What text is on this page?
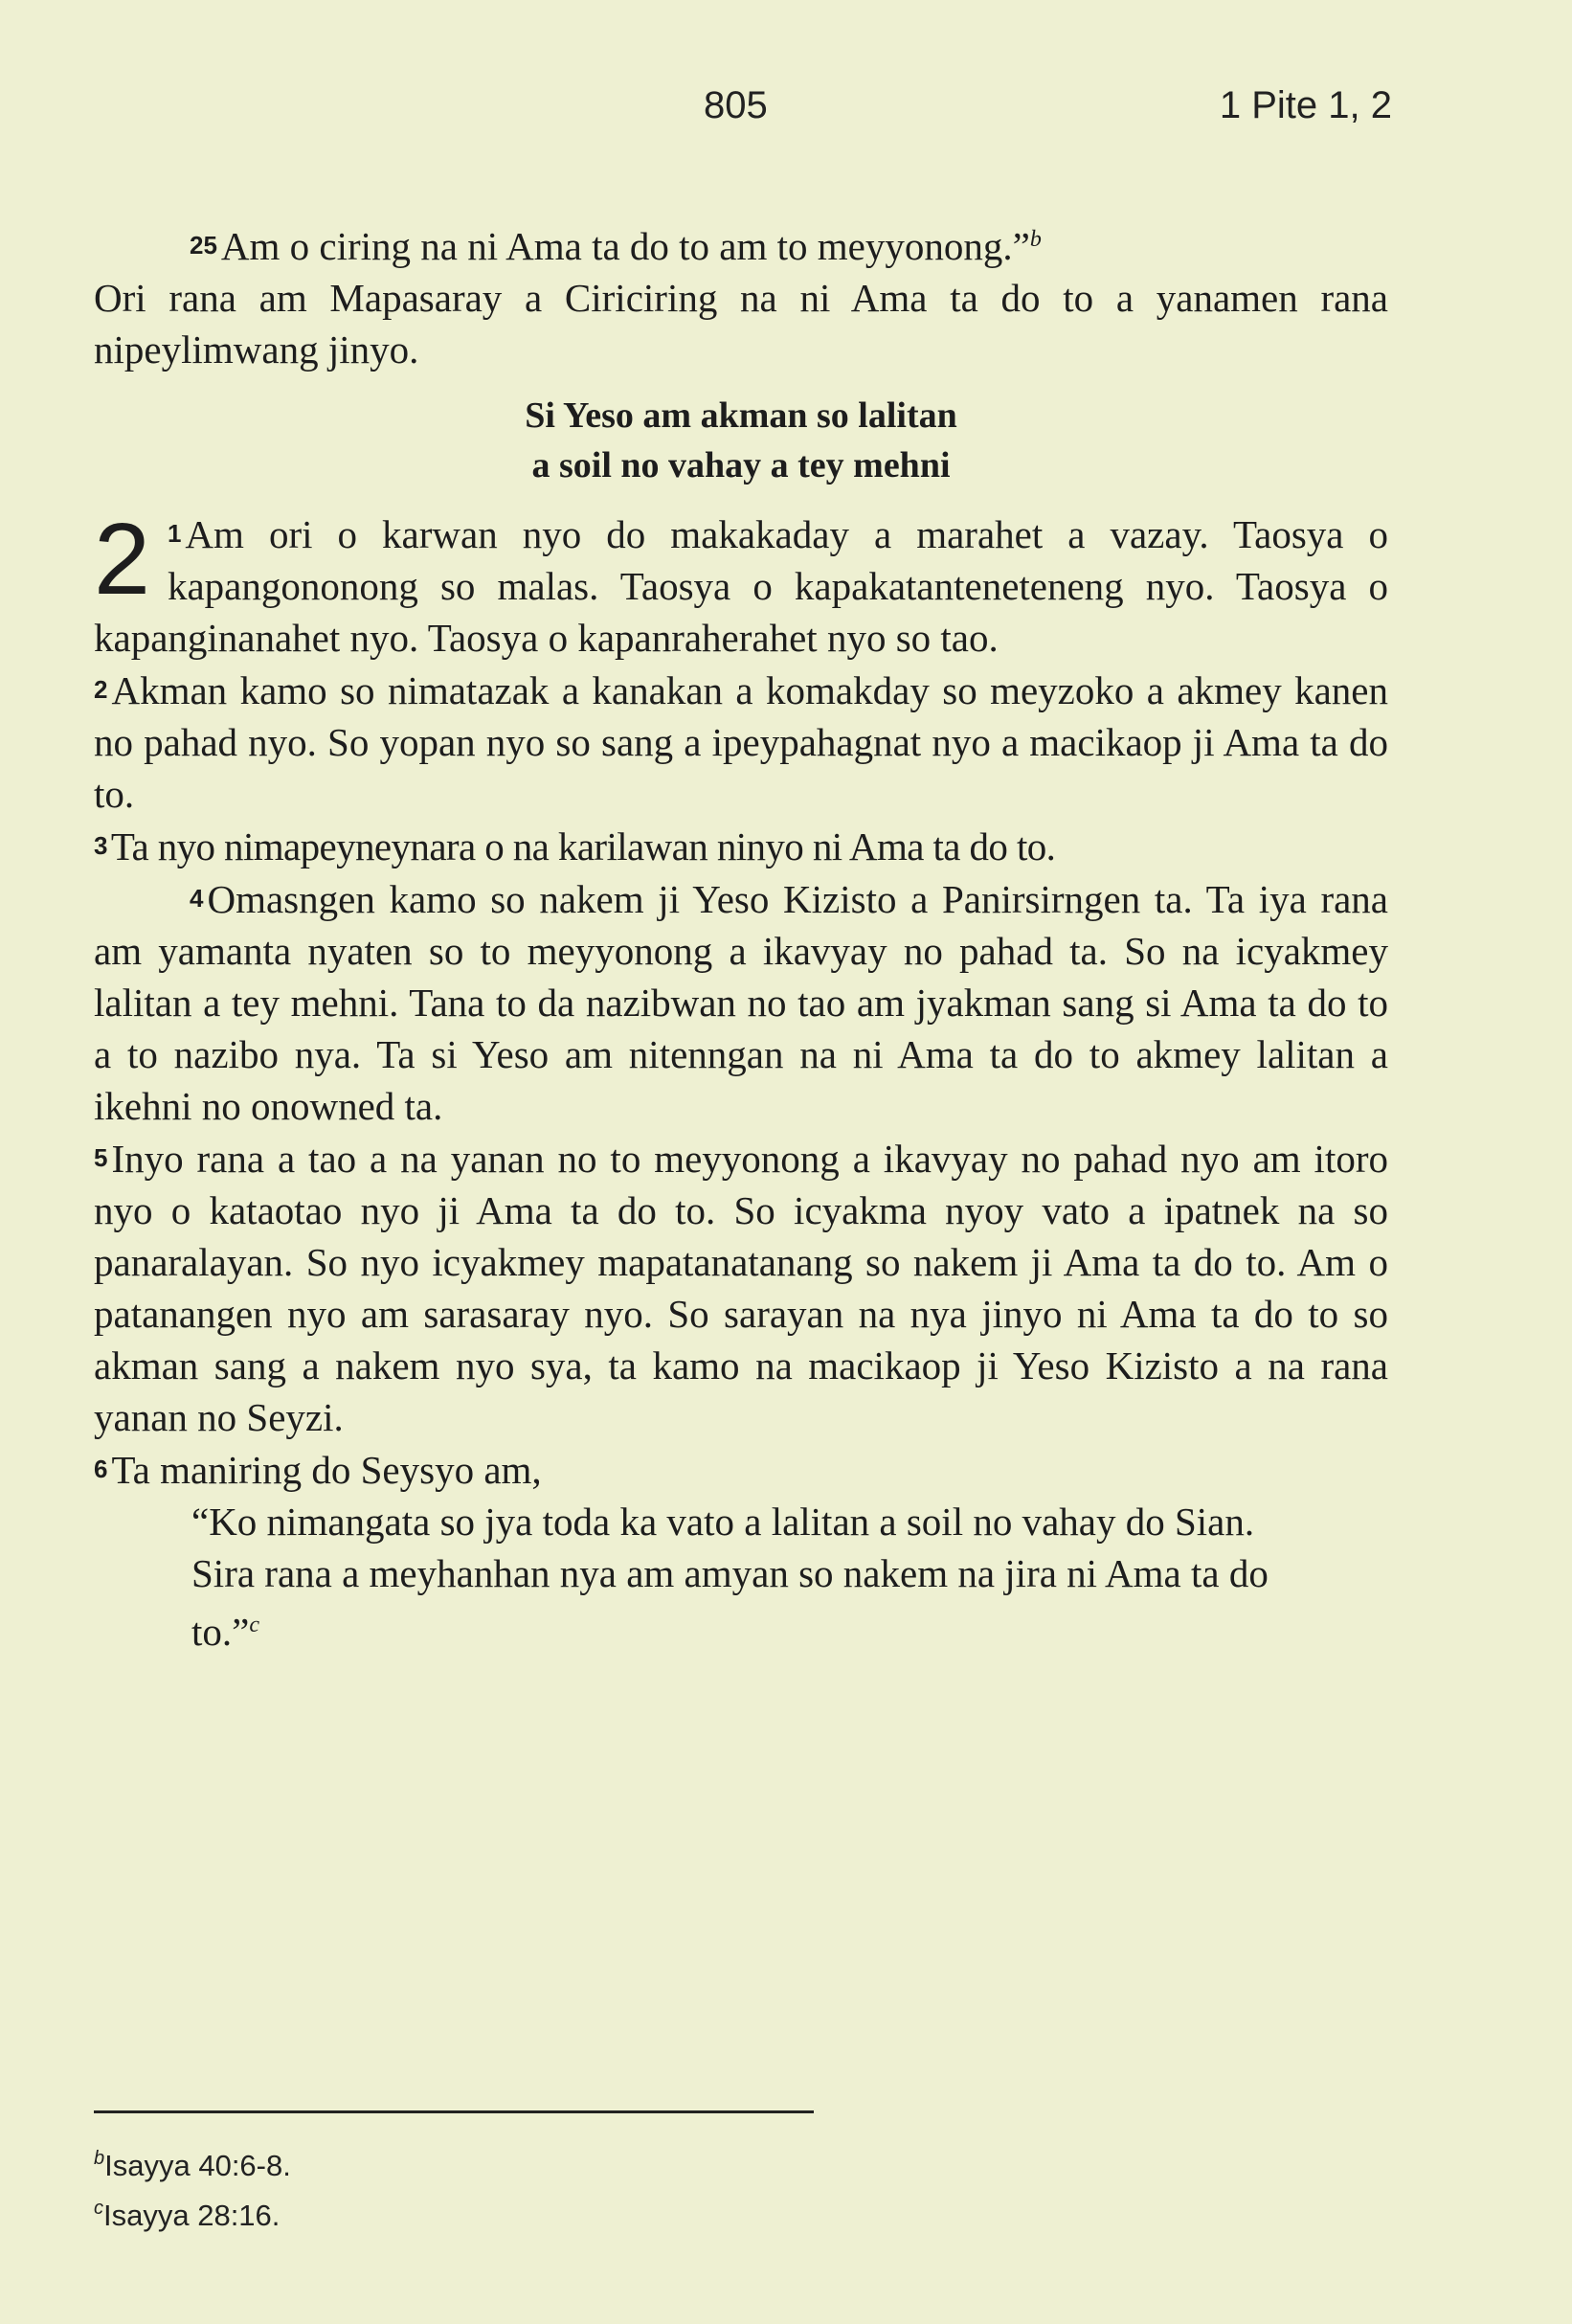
805	1 Pite 1, 2

25Am o ciring na ni Ama ta do to am to meyyonong.”$^b$

Ori rana am Mapasaray a Ciriciring na ni Ama ta do to a yanamen rana nipeylimwang jinyo.

Si Yeso am akman so lalitan
a soil no vahay a tey mehni

2 1Am ori o karwan nyo do makakaday a marahet a vazay. Taosya o kapangononong so malas. Taosya o kapakatanteneteneng nyo. Taosya o kapanginanahet nyo. Taosya o kapanraherahet nyo so tao.

2Akman kamo so nimatazak a kanakan a komakday so meyzoko a akmey kanen no pahad nyo. So yopan nyo so sang a ipeypahagnat nyo a macikaop ji Ama ta do to.

3Ta nyo nimapeyneynara o na karilawan ninyo ni Ama ta do to.

4Omasngen kamo so nakem ji Yeso Kizisto a Panirsirngen ta. Ta iya rana am yamanta nyaten so to meyyonong a ikavyay no pahad ta. So na icyakmey lalitan a tey mehni. Tana to da nazibwan no tao am jyakman sang si Ama ta do to a to nazibo nya. Ta si Yeso am nitenngan na ni Ama ta do to akmey lalitan a ikehni no onowned ta.

5Inyo rana a tao a na yanan no to meyyonong a ikavyay no pahad nyo am itoro nyo o kataotao nyo ji Ama ta do to. So icyakma nyoy vato a ipatnek na so panaralayan. So nyo icyakmey mapatanatanang so nakem ji Ama ta do to. Am o patanangen nyo am sarasaray nyo. So sarayan na nya jinyo ni Ama ta do to so akman sang a nakem nyo sya, ta kamo na macikaop ji Yeso Kizisto a na rana yanan no Seyzi.

6Ta maniring do Seysyo am,

“Ko nimangata so jya toda ka vato a lalitan a soil no vahay do Sian. Sira rana a meyhanhan nya am amyan so nakem na jira ni Ama ta do to.”$^c$

$^b$Isayya 40:6-8.
$^c$Isayya 28:16.
